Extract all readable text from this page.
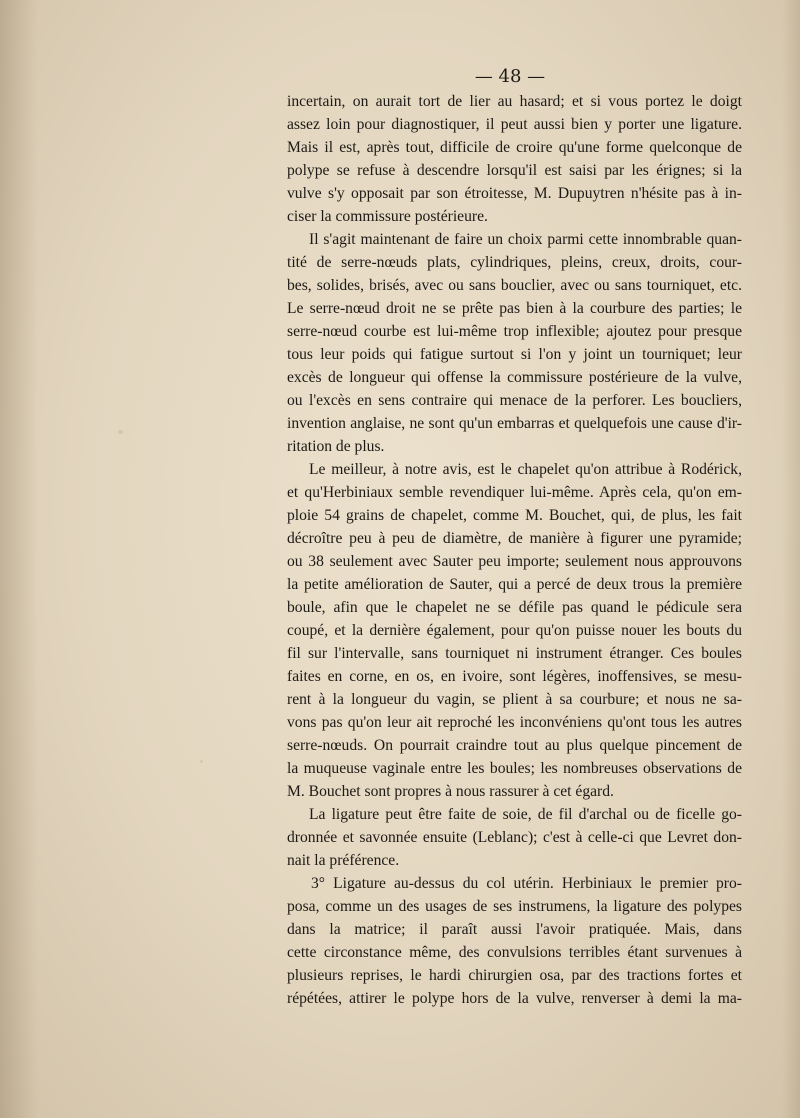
— 48 —

incertain, on aurait tort de lier au hasard; et si vous portez le doigt

assez loin pour diagnostiquer, il peut aussi bien y porter une ligature.

Mais il est, après tout, difficile de croire qu'une forme quelconque de

polype se refuse à descendre lorsqu'il est saisi par les érignes; si la

vulve s'y opposait par son étroitesse, M. Dupuytren n'hésite pas à in-

ciser la commissure postérieure.

Il s'agit maintenant de faire un choix parmi cette innombrable quan-

tité de serre-nœuds plats, cylindriques, pleins, creux, droits, cour-

bes, solides, brisés, avec ou sans bouclier, avec ou sans tourniquet, etc.

Le serre-nœud droit ne se prête pas bien à la courbure des parties; le

serre-nœud courbe est lui-même trop inflexible; ajoutez pour presque

tous leur poids qui fatigue surtout si l'on y joint un tourniquet; leur

excès de longueur qui offense la commissure postérieure de la vulve,

ou l'excès en sens contraire qui menace de la perforer. Les boucliers,

invention anglaise, ne sont qu'un embarras et quelquefois une cause d'ir-

ritation de plus.

Le meilleur, à notre avis, est le chapelet qu'on attribue à Rodérick,

et qu'Herbiniaux semble revendiquer lui-même. Après cela, qu'on em-

ploie 54 grains de chapelet, comme M. Bouchet, qui, de plus, les fait

décroître peu à peu de diamètre, de manière à figurer une pyramide;

ou 38 seulement avec Sauter peu importe; seulement nous approuvons

la petite amélioration de Sauter, qui a percé de deux trous la première

boule, afin que le chapelet ne se défile pas quand le pédicule sera

coupé, et la dernière également, pour qu'on puisse nouer les bouts du

fil sur l'intervalle, sans tourniquet ni instrument étranger. Ces boules

faites en corne, en os, en ivoire, sont légères, inoffensives, se mesu-

rent à la longueur du vagin, se plient à sa courbure; et nous ne sa-

vons pas qu'on leur ait reproché les inconvéniens qu'ont tous les autres

serre-nœuds. On pourrait craindre tout au plus quelque pincement de

la muqueuse vaginale entre les boules; les nombreuses observations de

M. Bouchet sont propres à nous rassurer à cet égard.

La ligature peut être faite de soie, de fil d'archal ou de ficelle go-

dronnée et savonnée ensuite (Leblanc); c'est à celle-ci que Levret don-

nait la préférence.

3° Ligature au-dessus du col utérin. Herbiniaux le premier pro-

posa, comme un des usages de ses instrumens, la ligature des polypes

dans la matrice; il paraît aussi l'avoir pratiquée. Mais, dans

cette circonstance même, des convulsions terribles étant survenues à

plusieurs reprises, le hardi chirurgien osa, par des tractions fortes et

répétées, attirer le polype hors de la vulve, renverser à demi la ma-
